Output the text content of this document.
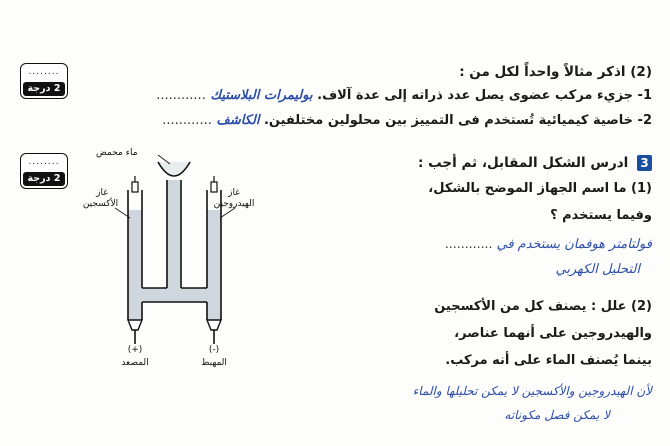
........
2 درجة
(2) اذكر مثالاً واحداً لكل من :
1- جزيء مركب عضوى يصل عدد ذراته إلى عدة آلاف. بوليمرات البلاستيك ............
2- خاصية كيميائية تُستخدم فى التمييز بين محلولين مختلفين. الكاشف ............
........
2 درجة
3 ادرس الشكل المقابل، ثم أجب :
(1) ما اسم الجهاز الموضح بالشكل،
وفيما يستخدم ؟
فولتامتر هوفمان يستخدم في ............
التحليل الكهربي
(2) علل : يصنف كل من الأكسجين
والهيدروجين على أنهما عناصر،
بينما يُصنف الماء على أنه مركب.
لأن الهيدروجين والأكسجين لا يمكن تحليلها والماء
لا يمكن فصل مكوناته
ماء محمض
غاز
الأكسجين
غاز
الهيدروجين
(+)
المصعد
(-)
المهبط
